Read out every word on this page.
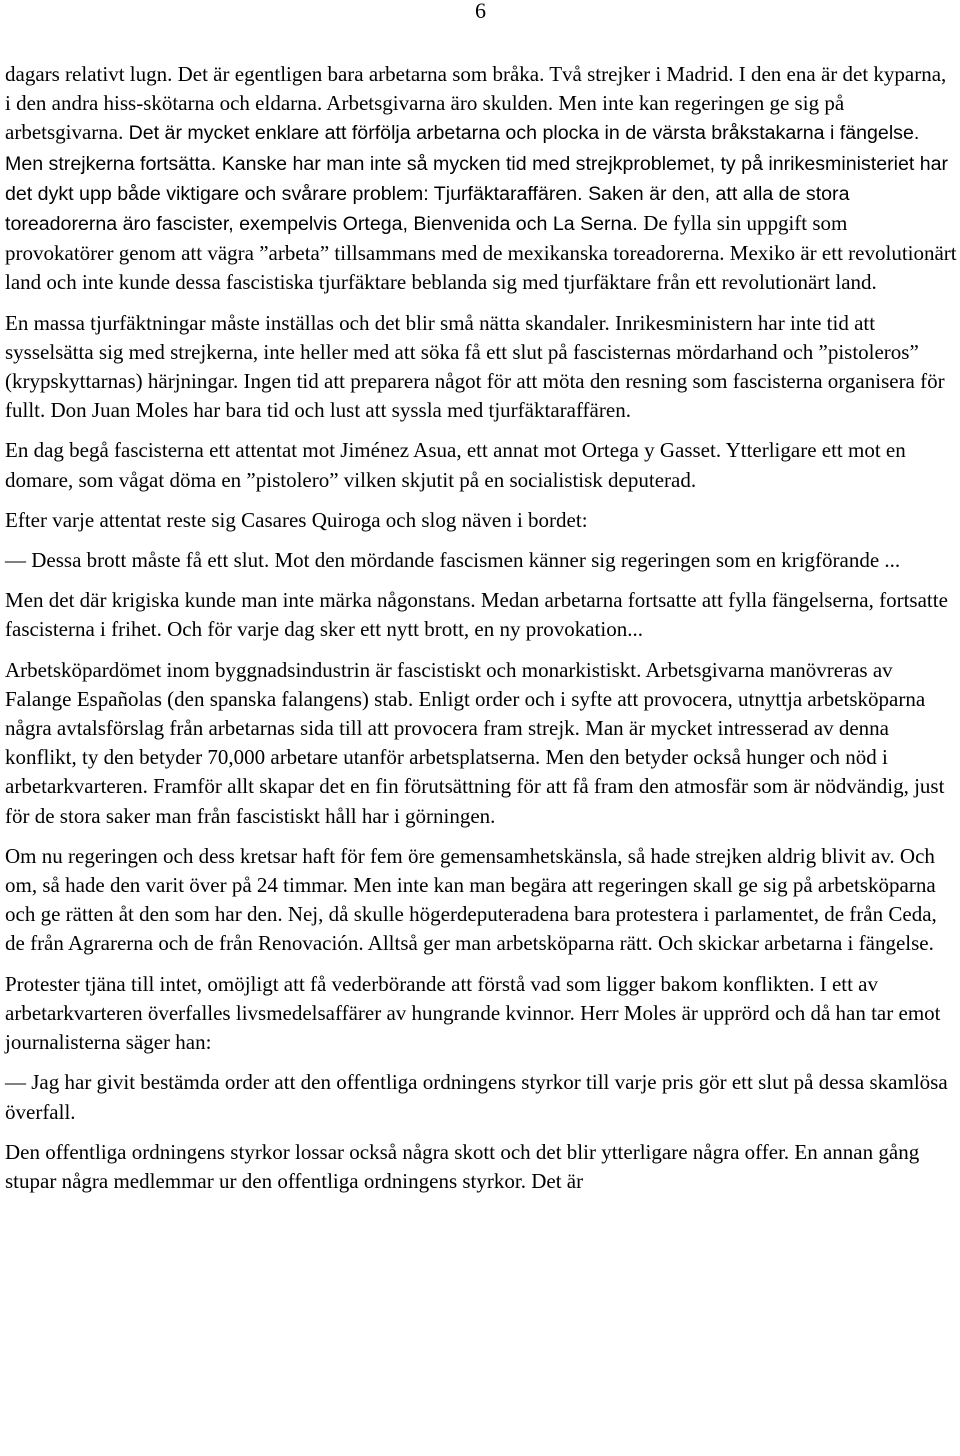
6

dagars relativt lugn. Det är egentligen bara arbetarna som bråka. Två strejker i Madrid. I den ena är det kyparna, i den andra hiss-skötarna och eldarna. Arbetsgivarna äro skulden. Men inte kan regeringen ge sig på arbetsgivarna. Det är mycket enklare att förfölja arbetarna och plocka in de värsta bråkstakarna i fängelse. Men strejkerna fortsätta. Kanske har man inte så mycken tid med strejkproblemet, ty på inrikesministeriet har det dykt upp både viktigare och svårare problem: Tjurfäktaraffären. Saken är den, att alla de stora toreadorerna äro fascister, exempelvis Ortega, Bienvenida och La Serna. De fylla sin uppgift som provokatörer genom att vägra ”arbeta” tillsammans med de mexikanska toreadorerna. Mexiko är ett revolutionärt land och inte kunde dessa fascistiska tjurfäktare beblanda sig med tjurfäktare från ett revolutionärt land.

En massa tjurfäktningar måste inställas och det blir små nätta skandaler. Inrikesministern har inte tid att sysselsätta sig med strejkerna, inte heller med att söka få ett slut på fascisternas mördarhand och ”pistoleros” (krypskyttarnas) härjningar. Ingen tid att preparera något för att möta den resning som fascisterna organisera för fullt. Don Juan Moles har bara tid och lust att syssla med tjurfäktaraffären.

En dag begå fascisterna ett attentat mot Jiménez Asua, ett annat mot Ortega y Gasset. Ytterligare ett mot en domare, som vågat döma en ”pistolero” vilken skjutit på en socialistisk deputerad.

Efter varje attentat reste sig Casares Quiroga och slog näven i bordet:

— Dessa brott måste få ett slut. Mot den mördande fascismen känner sig regeringen som en krigförande ...

Men det där krigiska kunde man inte märka någonstans. Medan arbetarna fortsatte att fylla fängelserna, fortsatte fascisterna i frihet. Och för varje dag sker ett nytt brott, en ny provokation...

Arbetsköpardömet inom byggnadsindustrin är fascistiskt och monarkistiskt. Arbetsgivarna manövreras av Falange Españolas (den spanska falangens) stab. Enligt order och i syfte att provocera, utnyttja arbetsköparna några avtalsförslag från arbetarnas sida till att provocera fram strejk. Man är mycket intresserad av denna konflikt, ty den betyder 70,000 arbetare utanför arbetsplatserna. Men den betyder också hunger och nöd i arbetarkvarteren. Framför allt skapar det en fin förutsättning för att få fram den atmosfär som är nödvändig, just för de stora saker man från fascistiskt håll har i görningen.

Om nu regeringen och dess kretsar haft för fem öre gemensamhetskänsla, så hade strejken aldrig blivit av. Och om, så hade den varit över på 24 timmar. Men inte kan man begära att regeringen skall ge sig på arbetsköparna och ge rätten åt den som har den. Nej, då skulle högerdeputeradena bara protestera i parlamentet, de från Ceda, de från Agrarerna och de från Renovación. Alltså ger man arbetsköparna rätt. Och skickar arbetarna i fängelse.

Protester tjäna till intet, omöjligt att få vederbörande att förstå vad som ligger bakom konflikten. I ett av arbetarkvarteren överfalles livsmedelsaffärer av hungrande kvinnor. Herr Moles är upprörd och då han tar emot journalisterna säger han:

— Jag har givit bestämda order att den offentliga ordningens styrkor till varje pris gör ett slut på dessa skamlösa överfall.

Den offentliga ordningens styrkor lossar också några skott och det blir ytterligare några offer. En annan gång stupar några medlemmar ur den offentliga ordningens styrkor. Det är
